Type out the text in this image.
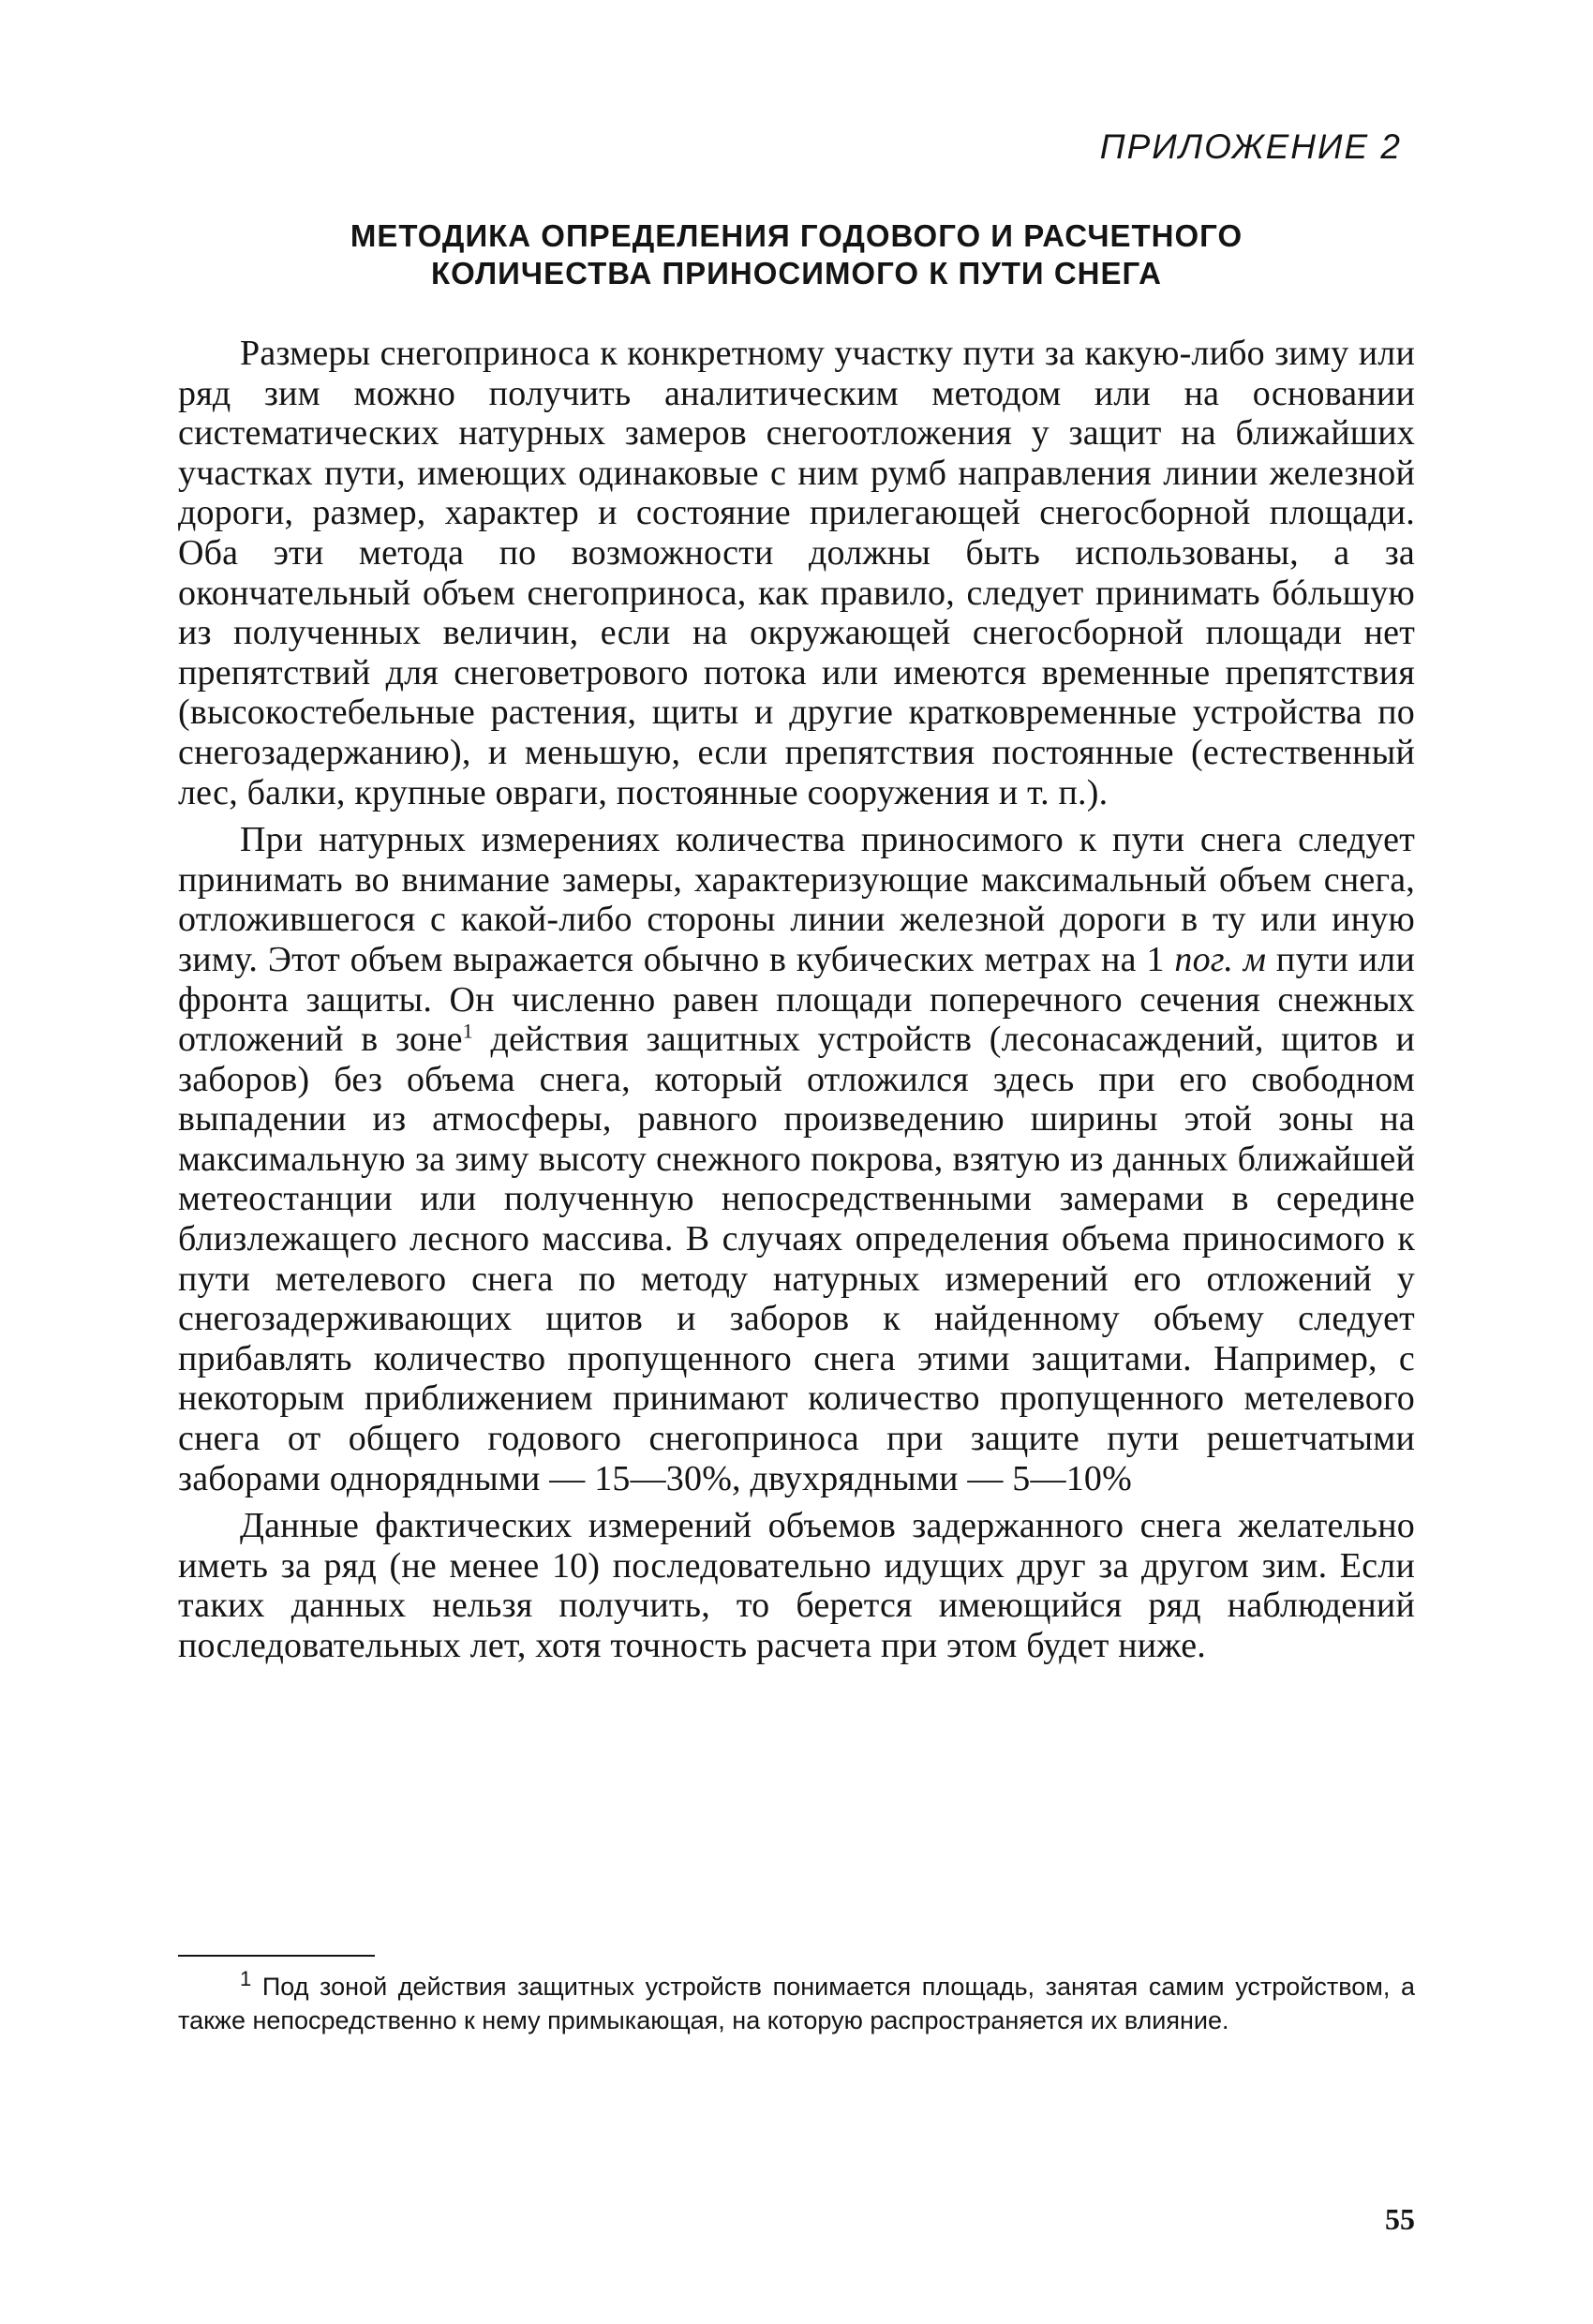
ПРИЛОЖЕНИЕ 2
МЕТОДИКА ОПРЕДЕЛЕНИЯ ГОДОВОГО И РАСЧЕТНОГО
КОЛИЧЕСТВА ПРИНОСИМОГО К ПУТИ СНЕГА

Размеры снегоприноса к конкретному участку пути за какую-либо зиму или ряд зим можно получить аналитическим методом или на основании систематических натурных замеров снегоотложения у защит на ближайших участках пути, имеющих одинаковые с ним румб направления линии железной дороги, размер, характер и состояние прилегающей снегосборной площади. Оба эти метода по возможности должны быть использованы, а за окончательный объем снегоприноса, как правило, следует принимать бóльшую из полученных величин, если на окружающей снегосборной площади нет препятствий для снеговетрового потока или имеются временные препятствия (высокостебельные растения, щиты и другие кратковременные устройства по снегозадержанию), и меньшую, если препятствия постоянные (естественный лес, балки, крупные овраги, постоянные сооружения и т. п.).

При натурных измерениях количества приносимого к пути снега следует принимать во внимание замеры, характеризующие максимальный объем снега, отложившегося с какой-либо стороны линии железной дороги в ту или иную зиму. Этот объем выражается обычно в кубических метрах на 1 пог. м пути или фронта защиты. Он численно равен площади поперечного сечения снежных отложений в зоне$^1$ действия защитных устройств (лесонасаждений, щитов и заборов) без объема снега, который отложился здесь при его свободном выпадении из атмосферы, равного произведению ширины этой зоны на максимальную за зиму высоту снежного покрова, взятую из данных ближайшей метеостанции или полученную непосредственными замерами в середине близлежащего лесного массива. В случаях определения объема приносимого к пути метелевого снега по методу натурных измерений его отложений у снегозадерживающих щитов и заборов к найденному объему следует прибавлять количество пропущенного снега этими защитами. Например, с некоторым приближением принимают количество пропущенного метелевого снега от общего годового снегоприноса при защите пути решетчатыми заборами однорядными — 15—30%, двухрядными — 5—10%

Данные фактических измерений объемов задержанного снега желательно иметь за ряд (не менее 10) последовательно идущих друг за другом зим. Если таких данных нельзя получить, то берется имеющийся ряд наблюдений последовательных лет, хотя точность расчета при этом будет ниже.

$^1$ Под зоной действия защитных устройств понимается площадь, занятая самим устройством, а также непосредственно к нему примыкающая, на которую распространяется их влияние.

55
